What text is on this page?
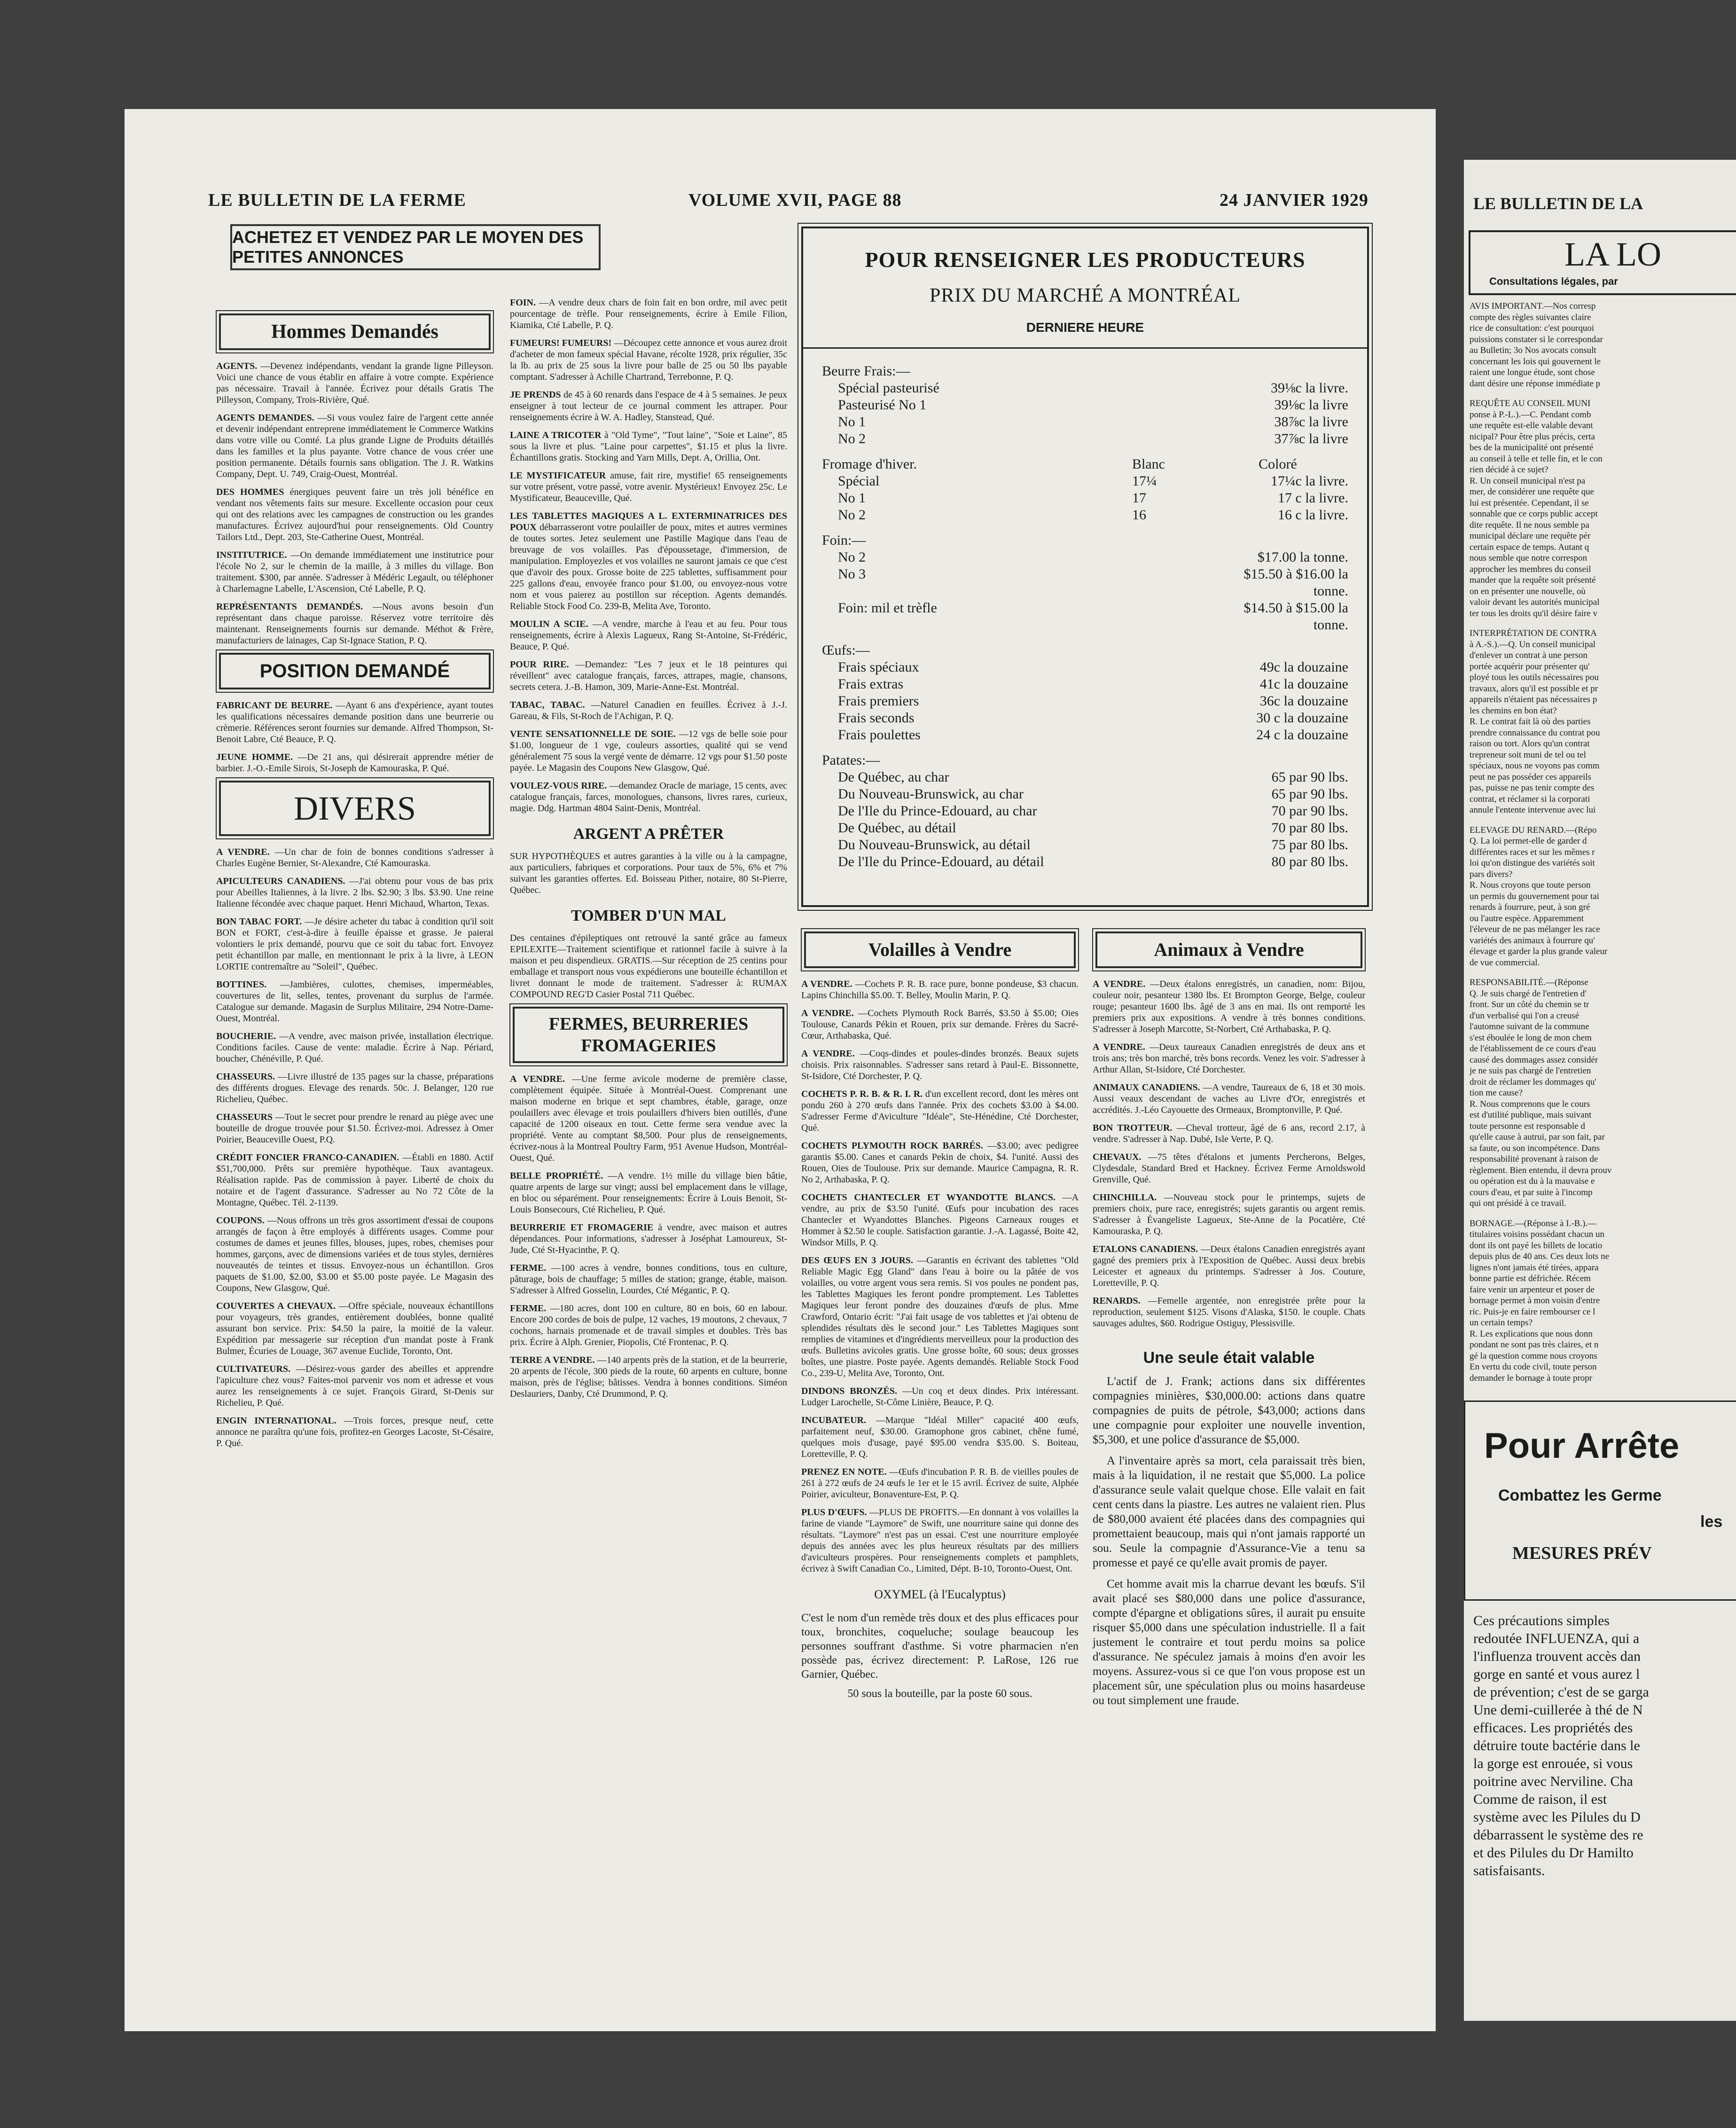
LE BULLETIN DE LA FERME	VOLUME XVII, PAGE 88	24 JANVIER 1929
ACHETEZ ET VENDEZ PAR LE MOYEN DES PETITES ANNONCES
Hommes Demandés

AGENTS. —Devenez indépendants, vendant la grande ligne Pilleyson. Voici une chance de vous établir en affaire à votre compte. Expérience pas nécessaire. Travail à l'année. Écrivez pour détails Gratis The Pilleyson, Company, Trois-Rivière, Qué.

AGENTS DEMANDES. —Si vous voulez faire de l'argent cette année et devenir indépendant entreprene immédiatement le Commerce Watkins dans votre ville ou Comté. La plus grande Ligne de Produits détaillés dans les familles et la plus payante. Votre chance de vous créer une position permanente. Détails fournis sans obligation. The J. R. Watkins Company, Dept. U. 749, Craig-Ouest, Montréal.

DES HOMMES énergiques peuvent faire un très joli bénéfice en vendant nos vêtements faits sur mesure. Excellente occasion pour ceux qui ont des relations avec les campagnes de construction ou les grandes manufactures. Écrivez aujourd'hui pour renseignements. Old Country Tailors Ltd., Dept. 203, Ste-Catherine Ouest, Montréal.

INSTITUTRICE. —On demande immédiatement une institutrice pour l'école No 2, sur le chemin de la maille, à 3 milles du village. Bon traitement. $300, par année. S'adresser à Médéric Legault, ou téléphoner à Charlemagne Labelle, L'Ascension, Cté Labelle, P. Q.

REPRÉSENTANTS DEMANDÉS. —Nous avons besoin d'un représentant dans chaque paroisse. Réservez votre territoire dès maintenant. Renseignements fournis sur demande. Méthot & Frère, manufacturiers de lainages, Cap St-Ignace Station, P. Q.

POSITION DEMANDÉ

FABRICANT DE BEURRE. —Ayant 6 ans d'expérience, ayant toutes les qualifications nécessaires demande position dans une beurrerie ou crèmerie. Références seront fournies sur demande. Alfred Thompson, St-Benoit Labre, Cté Beauce, P. Q.

JEUNE HOMME. —De 21 ans, qui désirerait apprendre métier de barbier. J.-O.-Emile Sirois, St-Joseph de Kamouraska, P. Qué.

DIVERS

A VENDRE. —Un char de foin de bonnes conditions s'adresser à Charles Eugène Bernier, St-Alexandre, Cté Kamouraska.

APICULTEURS CANADIENS. —J'ai obtenu pour vous de bas prix pour Abeilles Italiennes, à la livre. 2 lbs. $2.90; 3 lbs. $3.90. Une reine Italienne fécondée avec chaque paquet. Henri Michaud, Wharton, Texas.

BON TABAC FORT. —Je désire acheter du tabac à condition qu'il soit BON et FORT, c'est-à-dire à feuille épaisse et grasse. Je paierai volontiers le prix demandé, pourvu que ce soit du tabac fort. Envoyez petit échantillon par malle, en mentionnant le prix à la livre, à LEON LORTIE contremaître au "Soleil", Québec.

BOTTINES. —Jambières, culottes, chemises, imperméables, couvertures de lit, selles, tentes, provenant du surplus de l'armée. Catalogue sur demande. Magasin de Surplus Militaire, 294 Notre-Dame-Ouest, Montréal.

BOUCHERIE. —A vendre, avec maison privée, installation électrique. Conditions faciles. Cause de vente: maladie. Écrire à Nap. Périard, boucher, Chénéville, P. Qué.

CHASSEURS. —Livre illustré de 135 pages sur la chasse, préparations des différents drogues. Elevage des renards. 50c. J. Belanger, 120 rue Richelieu, Québec.

CHASSEURS —Tout le secret pour prendre le renard au piège avec une bouteille de drogue trouvée pour $1.50. Écrivez-moi. Adressez à Omer Poirier, Beauceville Ouest, P.Q.

CRÉDIT FONCIER FRANCO-CANADIEN. —Établi en 1880. Actif $51,700,000. Prêts sur première hypothèque. Taux avantageux. Réalisation rapide. Pas de commission à payer. Liberté de choix du notaire et de l'agent d'assurance. S'adresser au No 72 Côte de la Montagne, Québec. Tél. 2-1139.

COUPONS. —Nous offrons un très gros assortiment d'essai de coupons arrangés de façon à être employés à différents usages. Comme pour costumes de dames et jeunes filles, blouses, jupes, robes, chemises pour hommes, garçons, avec de dimensions variées et de tous styles, dernières nouveautés de teintes et tissus. Envoyez-nous un échantillon. Gros paquets de $1.00, $2.00, $3.00 et $5.00 poste payée. Le Magasin des Coupons, New Glasgow, Qué.

COUVERTES A CHEVAUX. —Offre spéciale, nouveaux échantillons pour voyageurs, très grandes, entièrement doublées, bonne qualité assurant bon service. Prix: $4.50 la paire, la moitié de la valeur. Expédition par messagerie sur réception d'un mandat poste à Frank Bulmer, Écuries de Louage, 367 avenue Euclide, Toronto, Ont.

CULTIVATEURS. —Désirez-vous garder des abeilles et apprendre l'apiculture chez vous? Faites-moi parvenir vos nom et adresse et vous aurez les renseignements à ce sujet. François Girard, St-Denis sur Richelieu, P. Qué.

ENGIN INTERNATIONAL. —Trois forces, presque neuf, cette annonce ne paraîtra qu'une fois, profitez-en Georges Lacoste, St-Césaire, P. Qué.

FOIN. —A vendre deux chars de foin fait en bon ordre, mil avec petit pourcentage de trèfle. Pour renseignements, écrire à Emile Filion, Kiamika, Cté Labelle, P. Q.

FUMEURS! FUMEURS! —Découpez cette annonce et vous aurez droit d'acheter de mon fameux spécial Havane, récolte 1928, prix régulier, 35c la lb. au prix de 25 sous la livre pour balle de 25 ou 50 lbs payable comptant. S'adresser à Achille Chartrand, Terrebonne, P. Q.

JE PRENDS de 45 à 60 renards dans l'espace de 4 à 5 semaines. Je peux enseigner à tout lecteur de ce journal comment les attraper. Pour renseignements écrire à W. A. Hadley, Stanstead, Qué.

LAINE A TRICOTER à "Old Tyme", "Tout laine", "Soie et Laine", 85 sous la livre et plus. "Laine pour carpettes", $1.15 et plus la livre. Échantillons gratis. Stocking and Yarn Mills, Dept. A, Orillia, Ont.

LE MYSTIFICATEUR amuse, fait rire, mystifie! 65 renseignements sur votre présent, votre passé, votre avenir. Mystérieux! Envoyez 25c. Le Mystificateur, Beauceville, Qué.

LES TABLETTES MAGIQUES A L. EXTERMINATRICES DES POUX débarrasseront votre poulailler de poux, mites et autres vermines de toutes sortes. Jetez seulement une Pastille Magique dans l'eau de breuvage de vos volailles. Pas d'époussetage, d'immersion, de manipulation. Employezles et vos volailles ne sauront jamais ce que c'est que d'avoir des poux. Grosse boite de 225 tablettes, suffisamment pour 225 gallons d'eau, envoyée franco pour $1.00, ou envoyez-nous votre nom et vous paierez au postillon sur réception. Agents demandés. Reliable Stock Food Co. 239-B, Melita Ave, Toronto.

MOULIN A SCIE. —A vendre, marche à l'eau et au feu. Pour tous renseignements, écrire à Alexis Lagueux, Rang St-Antoine, St-Frédéric, Beauce, P. Qué.

POUR RIRE. —Demandez: "Les 7 jeux et le 18 peintures qui réveillent" avec catalogue français, farces, attrapes, magie, chansons, secrets cetera. J.-B. Hamon, 309, Marie-Anne-Est. Montréal.

TABAC, TABAC. —Naturel Canadien en feuilles. Écrivez à J.-J. Gareau, & Fils, St-Roch de l'Achigan, P. Q.

VENTE SENSATIONNELLE DE SOIE. —12 vgs de belle soie pour $1.00, longueur de 1 vge, couleurs assorties, qualité qui se vend généralement 75 sous la vergé vente de démarre. 12 vgs pour $1.50 poste payée. Le Magasin des Coupons New Glasgow, Qué.

VOULEZ-VOUS RIRE. —demandez Oracle de mariage, 15 cents, avec catalogue français, farces, monologues, chansons, livres rares, curieux, magie. Ddg. Hartman 4804 Saint-Denis, Montréal.

ARGENT A PRÊTER

SUR HYPOTHÈQUES et autres garanties à la ville ou à la campagne, aux particuliers, fabriques et corporations. Pour taux de 5%, 6% et 7% suivant les garanties offertes. Ed. Boisseau Pither, notaire, 80 St-Pierre, Québec.

TOMBER D'UN MAL

Des centaines d'épileptiques ont retrouvé la santé grâce au fameux EPILEXITE—Traitement scientifique et rationnel facile à suivre à la maison et peu dispendieux. GRATIS.—Sur réception de 25 centins pour emballage et transport nous vous expédierons une bouteille échantillon et livret donnant le mode de traitement. S'adresser à: RUMAX COMPOUND REG'D Casier Postal 711 Québec.

FERMES, BEURRERIES FROMAGERIES

A VENDRE. —Une ferme avicole moderne de première classe, complètement équipée. Située à Montréal-Ouest. Comprenant une maison moderne en brique et sept chambres, étable, garage, onze poulaillers avec élevage et trois poulaillers d'hivers bien outillés, d'une capacité de 1200 oiseaux en tout. Cette ferme sera vendue avec la propriété. Vente au comptant $8,500. Pour plus de renseignements, écrivez-nous à la Montreal Poultry Farm, 951 Avenue Hudson, Montréal-Ouest, Qué.

BELLE PROPRIÉTÉ. —A vendre. 1½ mille du village bien bâtie, quatre arpents de large sur vingt; aussi bel emplacement dans le village, en bloc ou séparément. Pour renseignements: Écrire à Louis Benoit, St-Louis Bonsecours, Cté Richelieu, P. Qué.

BEURRERIE ET FROMAGERIE à vendre, avec maison et autres dépendances. Pour informations, s'adresser à Joséphat Lamoureux, St-Jude, Cté St-Hyacinthe, P. Q.

FERME. —100 acres à vendre, bonnes conditions, tous en culture, pâturage, bois de chauffage; 5 milles de station; grange, étable, maison. S'adresser à Alfred Gosselin, Lourdes, Cté Mégantic, P. Q.

FERME. —180 acres, dont 100 en culture, 80 en bois, 60 en labour. Encore 200 cordes de bois de pulpe, 12 vaches, 19 moutons, 2 chevaux, 7 cochons, harnais promenade et de travail simples et doubles. Très bas prix. Écrire à Alph. Grenier, Piopolis, Cté Frontenac, P. Q.

TERRE A VENDRE. —140 arpents près de la station, et de la beurrerie, 20 arpents de l'école, 300 pieds de la route, 60 arpents en culture, bonne maison, près de l'église; bâtisses. Vendra à bonnes conditions. Siméon Deslauriers, Danby, Cté Drummond, P. Q.

POUR RENSEIGNER LES PRODUCTEURS
PRIX DU MARCHÉ A MONTRÉAL
DERNIERE HEURE
Beurre Frais:—
Spécial pasteurisé	39⅛c la livre.
Pasteurisé No 1	39⅛c la livre
No 1	38⅞c la livre
No 2	37⅞c la livre
Fromage d'hiver.	Blanc	Coloré
Spécial	17¼	17¼c la livre.
No 1	17	17 c la livre.
No 2	16	16 c la livre.
Foin:—
No 2	$17.00 la tonne.
No 3	$15.50 à $16.00 la tonne.
Foin: mil et trèfle	$14.50 à $15.00 la tonne.
Œufs:—
Frais spéciaux	49c la douzaine
Frais extras	41c la douzaine
Frais premiers	36c la douzaine
Frais seconds	30 c la douzaine
Frais poulettes	24 c la douzaine
Patates:—
De Québec, au char	65 par 90 lbs.
Du Nouveau-Brunswick, au char	65 par 90 lbs.
De l'Ile du Prince-Edouard, au char	70 par 90 lbs.
De Québec, au détail	70 par 80 lbs.
Du Nouveau-Brunswick, au détail	75 par 80 lbs.
De l'Ile du Prince-Edouard, au détail	80 par 80 lbs.
Volailles à Vendre

A VENDRE. —Cochets P. R. B. race pure, bonne pondeuse, $3 chacun. Lapins Chinchilla $5.00. T. Belley, Moulin Marin, P. Q.

A VENDRE. —Cochets Plymouth Rock Barrés, $3.50 à $5.00; Oies Toulouse, Canards Pékin et Rouen, prix sur demande. Frères du Sacré-Cœur, Arthabaska, Qué.

A VENDRE. —Coqs-dindes et poules-dindes bronzés. Beaux sujets choisis. Prix raisonnables. S'adresser sans retard à Paul-E. Bissonnette, St-Isidore, Cté Dorchester, P. Q.

COCHETS P. R. B. & R. I. R. d'un excellent record, dont les mères ont pondu 260 à 270 œufs dans l'année. Prix des cochets $3.00 à $4.00. S'adresser Ferme d'Aviculture "Idéale", Ste-Hénédine, Cté Dorchester, Qué.

COCHETS PLYMOUTH ROCK BARRÉS. —$3.00; avec pedigree garantis $5.00. Canes et canards Pekin de choix, $4. l'unité. Aussi des Rouen, Oies de Toulouse. Prix sur demande. Maurice Campagna, R. R. No 2, Arthabaska, P. Q.

COCHETS CHANTECLER ET WYANDOTTE BLANCS. —A vendre, au prix de $3.50 l'unité. Œufs pour incubation des races Chantecler et Wyandottes Blanches. Pigeons Carneaux rouges et Hommer à $2.50 le couple. Satisfaction garantie. J.-A. Lagassé, Boite 42, Windsor Mills, P. Q.

DES ŒUFS EN 3 JOURS. —Garantis en écrivant des tablettes "Old Reliable Magic Egg Gland" dans l'eau à boire ou la pâtée de vos volailles, ou votre argent vous sera remis. Si vos poules ne pondent pas, les Tablettes Magiques les feront pondre promptement. Les Tablettes Magiques leur feront pondre des douzaines d'œufs de plus. Mme Crawford, Ontario écrit: "J'ai fait usage de vos tablettes et j'ai obtenu de splendides résultats dès le second jour." Les Tablettes Magiques sont remplies de vitamines et d'ingrédients merveilleux pour la production des œufs. Bulletins avicoles gratis. Une grosse boîte, 60 sous; deux grosses boîtes, une piastre. Poste payée. Agents demandés. Reliable Stock Food Co., 239-U, Melita Ave, Toronto, Ont.

DINDONS BRONZÉS. —Un coq et deux dindes. Prix intéressant. Ludger Larochelle, St-Côme Linière, Beauce, P. Q.

INCUBATEUR. —Marque "Idéal Miller" capacité 400 œufs, parfaitement neuf, $30.00. Gramophone gros cabinet, chêne fumé, quelques mois d'usage, payé $95.00 vendra $35.00. S. Boiteau, Loretteville, P. Q.

PRENEZ EN NOTE. —Œufs d'incubation P. R. B. de vieilles poules de 261 à 272 œufs de 24 œufs le 1er et le 15 avril. Écrivez de suite, Alphée Poirier, aviculteur, Bonaventure-Est, P. Q.

PLUS D'ŒUFS. —PLUS DE PROFITS.—En donnant à vos volailles la farine de viande "Laymore" de Swift, une nourriture saine qui donne des résultats. "Laymore" n'est pas un essai. C'est une nourriture employée depuis des années avec les plus heureux résultats par des milliers d'aviculteurs prospères. Pour renseignements complets et pamphlets, écrivez à Swift Canadian Co., Limited, Dépt. B-10, Toronto-Ouest, Ont.

OXYMEL (à l'Eucalyptus)

C'est le nom d'un remède très doux et des plus efficaces pour toux, bronchites, coqueluche; soulage beaucoup les personnes souffrant d'asthme. Si votre pharmacien n'en possède pas, écrivez directement: P. LaRose, 126 rue Garnier, Québec.

50 sous la bouteille, par la poste 60 sous.

Animaux à Vendre

A VENDRE. —Deux étalons enregistrés, un canadien, nom: Bijou, couleur noir, pesanteur 1380 lbs. Et Brompton George, Belge, couleur rouge; pesanteur 1600 lbs. âgé de 3 ans en mai. Ils ont remporté les premiers prix aux expositions. A vendre à très bonnes conditions. S'adresser à Joseph Marcotte, St-Norbert, Cté Arthabaska, P. Q.

A VENDRE. —Deux taureaux Canadien enregistrés de deux ans et trois ans; très bon marché, très bons records. Venez les voir. S'adresser à Arthur Allan, St-Isidore, Cté Dorchester.

ANIMAUX CANADIENS. —A vendre, Taureaux de 6, 18 et 30 mois. Aussi veaux descendant de vaches au Livre d'Or, enregistrés et accrédités. J.-Léo Cayouette des Ormeaux, Bromptonville, P. Qué.

BON TROTTEUR. —Cheval trotteur, âgé de 6 ans, record 2.17, à vendre. S'adresser à Nap. Dubé, Isle Verte, P. Q.

CHEVAUX. —75 têtes d'étalons et juments Percherons, Belges, Clydesdale, Standard Bred et Hackney. Écrivez Ferme Arnoldswold Grenville, Qué.

CHINCHILLA. —Nouveau stock pour le printemps, sujets de premiers choix, pure race, enregistrés; sujets garantis ou argent remis. S'adresser à Évangeliste Lagueux, Ste-Anne de la Pocatière, Cté Kamouraska, P. Q.

ETALONS CANADIENS. —Deux étalons Canadien enregistrés ayant gagné des premiers prix à l'Exposition de Québec. Aussi deux brebis Leicester et agneaux du printemps. S'adresser à Jos. Couture, Loretteville, P. Q.

RENARDS. —Femelle argentée, non enregistrée prête pour la reproduction, seulement $125. Visons d'Alaska, $150. le couple. Chats sauvages adultes, $60. Rodrigue Ostiguy, Plessisville.

Une seule était valable

L'actif de J. Frank; actions dans six différentes compagnies minières, $30,000.00: actions dans quatre compagnies de puits de pétrole, $43,000; actions dans une compagnie pour exploiter une nouvelle invention, $5,300, et une police d'assurance de $5,000.

A l'inventaire après sa mort, cela paraissait très bien, mais à la liquidation, il ne restait que $5,000. La police d'assurance seule valait quelque chose. Elle valait en fait cent cents dans la piastre. Les autres ne valaient rien. Plus de $80,000 avaient été placées dans des compagnies qui promettaient beaucoup, mais qui n'ont jamais rapporté un sou. Seule la compagnie d'Assurance-Vie a tenu sa promesse et payé ce qu'elle avait promis de payer.

Cet homme avait mis la charrue devant les bœufs. S'il avait placé ses $80,000 dans une police d'assurance, compte d'épargne et obligations sûres, il aurait pu ensuite risquer $5,000 dans une spéculation industrielle. Il a fait justement le contraire et tout perdu moins sa police d'assurance. Ne spéculez jamais à moins d'en avoir les moyens. Assurez-vous si ce que l'on vous propose est un placement sûr, une spéculation plus ou moins hasardeuse ou tout simplement une fraude.

LE BULLETIN DE LA
LA LO
Consultations légales, par
AVIS IMPORTANT.—Nos corresp
compte des règles suivantes claire
rice de consultation: c'est pourquoi
puissions constater si le correspondar
au Bulletin; 3o Nos avocats consult
concernant les lois qui gouvernent le
raient une longue étude, sont chose
dant désire une réponse immédiate p
REQUÊTE AU CONSEIL MUNI
ponse à P.-L.).—C. Pendant comb
une requête est-elle valable devant
nicipal? Pour être plus précis, certa
bes de la municipalité ont présenté
au conseil à telle et telle fin, et le con
rien décidé à ce sujet?
R. Un conseil municipal n'est pa
mer, de considérer une requête que
lui est présentée. Cependant, il se
sonnable que ce corps public accept
dite requête. Il ne nous semble pa
municipal déclare une requête pér
certain espace de temps. Autant q
nous semble que notre correspon
approcher les membres du conseil
mander que la requête soit présenté
on en présenter une nouvelle, où
valoir devant les autorités municipal
ter tous les droits qu'il désire faire v
INTERPRÉTATION DE CONTRA
à A.-S.).—Q. Un conseil municipal
d'enlever un contrat à une person
portée acquérir pour présenter qu'
ployé tous les outils nécessaires pou
travaux, alors qu'il est possible et pr
appareils n'étaient pas nécessaires p
les chemins en bon état?
R. Le contrat fait là où des parties
prendre connaissance du contrat pou
raison ou tort. Alors qu'un contrat
trepreneur soit muni de tel ou tel
spéciaux, nous ne voyons pas comm
peut ne pas posséder ces appareils
pas, puisse ne pas tenir compte des
contrat, et réclamer si la corporati
annule l'entente intervenue avec lui
ELEVAGE DU RENARD.—(Répo
Q. La loi permet-elle de garder d
différentes races et sur les mêmes r
loi qu'on distingue des variétés soit
pars divers?
R. Nous croyons que toute person
un permis du gouvernement pour tai
renards à fourrure, peut, à son gré
ou l'autre espèce. Apparemment
l'éleveur de ne pas mélanger les race
variétés des animaux à fourrure qu'
élevage et garder la plus grande valeur
de vue commercial.
RESPONSABILITÉ.—(Réponse
Q. Je suis chargé de l'entretien d'
front. Sur un côté du chemin se tr
d'un verbalisé qui l'on a creusé
l'automne suivant de la commune
s'est éboulée le long de mon chem
de l'établissement de ce cours d'eau
causé des dommages assez considér
je ne suis pas chargé de l'entretien
droit de réclamer les dommages qu'
tion me cause?
R. Nous comprenons que le cours
est d'utilité publique, mais suivant
toute personne est responsable d
qu'elle cause à autrui, par son fait, par
sa faute, ou son incompétence. Dans
responsabilité provenant à raison de
règlement. Bien entendu, il devra prouv
ou opération est du à la mauvaise e
cours d'eau, et par suite à l'incomp
qui ont présidé à ce travail.
BORNAGE.—(Réponse à I.-B.).—
titulaires voisins possédant chacun un
dont ils ont payé les billets de locatio
depuis plus de 40 ans. Ces deux lots ne
lignes n'ont jamais été tirées, appara
bonne partie est défrichée. Récem
faire venir un arpenteur et poser de
bornage permet à mon voisin d'entre
ric. Puis-je en faire rembourser ce l
un certain temps?
R. Les explications que nous donn
pondant ne sont pas très claires, et n
gé la question comme nous croyons
En vertu du code civil, toute person
demander le bornage à toute propr
Pour Arrête
Combattez les Germe
les
MESURES PRÉV
Ces précautions simples
redoutée INFLUENZA, qui a
l'influenza trouvent accès dan
gorge en santé et vous aurez l
de prévention; c'est de se garga
Une demi-cuillerée à thé de N
efficaces. Les propriétés des
détruire toute bactérie dans le
la gorge est enrouée, si vous
poitrine avec Nerviline. Cha
Comme de raison, il est
système avec les Pilules du D
débarrassent le système des re
et des Pilules du Dr Hamilto
satisfaisants.
